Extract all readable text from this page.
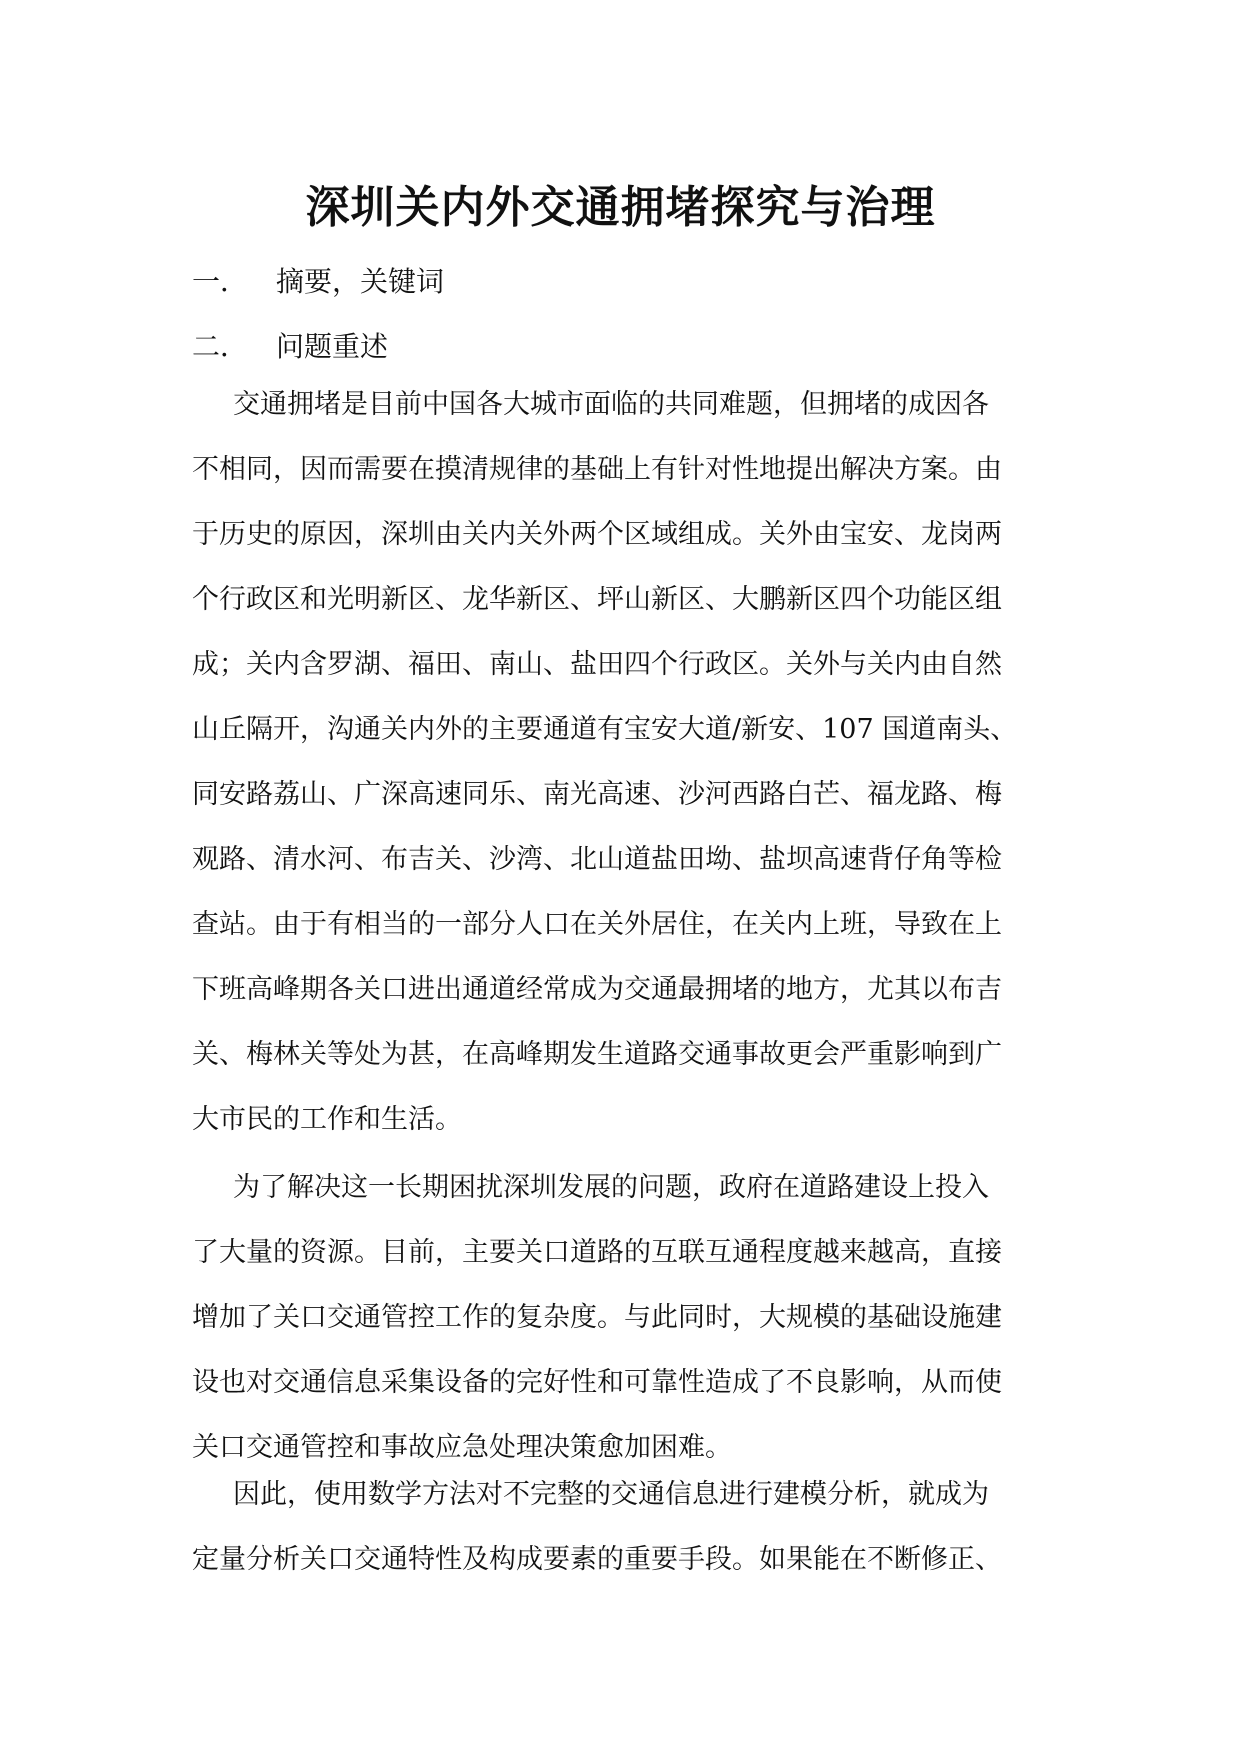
深圳关内外交通拥堵探究与治理
一． 摘要，关键词
二． 问题重述
交通拥堵是目前中国各大城市面临的共同难题，但拥堵的成因各
不相同，因而需要在摸清规律的基础上有针对性地提出解决方案。由
于历史的原因，深圳由关内关外两个区域组成。关外由宝安、龙岗两
个行政区和光明新区、龙华新区、坪山新区、大鹏新区四个功能区组
成；关内含罗湖、福田、南山、盐田四个行政区。关外与关内由自然
山丘隔开，沟通关内外的主要通道有宝安大道/新安、107 国道南头、
同安路荔山、广深高速同乐、南光高速、沙河西路白芒、福龙路、梅
观路、清水河、布吉关、沙湾、北山道盐田坳、盐坝高速背仔角等检
查站。由于有相当的一部分人口在关外居住，在关内上班，导致在上
下班高峰期各关口进出通道经常成为交通最拥堵的地方，尤其以布吉
关、梅林关等处为甚，在高峰期发生道路交通事故更会严重影响到广
大市民的工作和生活。
为了解决这一长期困扰深圳发展的问题，政府在道路建设上投入
了大量的资源。目前，主要关口道路的互联互通程度越来越高，直接
增加了关口交通管控工作的复杂度。与此同时，大规模的基础设施建
设也对交通信息采集设备的完好性和可靠性造成了不良影响，从而使
关口交通管控和事故应急处理决策愈加困难。
因此，使用数学方法对不完整的交通信息进行建模分析，就成为
定量分析关口交通特性及构成要素的重要手段。如果能在不断修正、
